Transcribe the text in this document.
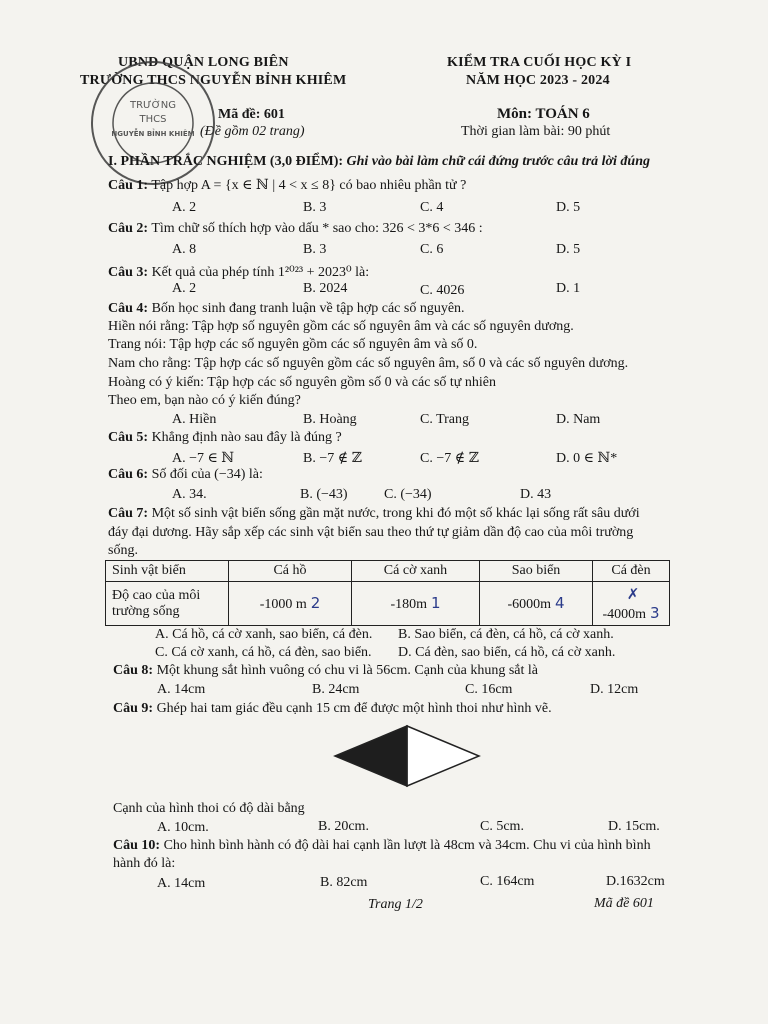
UBND QUẬN LONG BIÊN
TRƯỜNG THCS NGUYỄN BỈNH KHIÊM
KIỂM TRA CUỐI HỌC KỲ I
NĂM HỌC 2023 - 2024
Mã đề: 601
(Đề gồm 02 trang)
Môn: TOÁN 6
Thời gian làm bài: 90 phút
TRƯỜNG
THCS
NGUYỄN BỈNH KHIÊM
I. PHẦN TRẮC NGHIỆM (3,0 ĐIỂM): Ghi vào bài làm chữ cái đứng trước câu trả lời đúng
Câu 1: Tập hợp A = {x ∈ ℕ | 4 < x ≤ 8} có bao nhiêu phần tử ?
A. 2	B. 3	C. 4	D. 5
Câu 2: Tìm chữ số thích hợp vào dấu * sao cho: 326 < 3*6 < 346 :
A. 8	B. 3	C. 6	D. 5
Câu 3: Kết quả của phép tính 1²⁰²³ + 2023⁰ là:
A. 2	B. 2024	C. 4026	D. 1
Câu 4: Bốn học sinh đang tranh luận về tập hợp các số nguyên.
Hiền nói rằng: Tập hợp số nguyên gồm các số nguyên âm và các số nguyên dương.
Trang nói: Tập hợp các số nguyên gồm các số nguyên âm và số 0.
Nam cho rằng: Tập hợp các số nguyên gồm các số nguyên âm, số 0 và các số nguyên dương.
Hoàng có ý kiến: Tập hợp các số nguyên gồm số 0 và các số tự nhiên
Theo em, bạn nào có ý kiến đúng?
A. Hiền	B. Hoàng	C. Trang	D. Nam
Câu 5: Khẳng định nào sau đây là đúng ?
A. −7 ∈ ℕ	B. −7 ∉ ℤ	C. −7 ∉ ℤ	D. 0 ∈ ℕ*
Câu 6: Số đối của (−34) là:
A. 34.	B. (−43)	C. (−34)	D. 43
Câu 7: Một số sinh vật biển sống gần mặt nước, trong khi đó một số khác lại sống rất sâu dưới
đáy đại dương. Hãy sắp xếp các sinh vật biển sau theo thứ tự giảm dần độ cao của môi trường
sống.
Sinh vật biển	Cá hồ	Cá cờ xanh	Sao biển	Cá đèn

Độ cao của môi
trường sống	-1000 m 2	-180m 1	-6000m 4	✗ -4000m 3
A. Cá hồ, cá cờ xanh, sao biển, cá đèn. B. Sao biển, cá đèn, cá hồ, cá cờ xanh.
C. Cá cờ xanh, cá hồ, cá đèn, sao biển. D. Cá đèn, sao biển, cá hồ, cá cờ xanh.
Câu 8: Một khung sắt hình vuông có chu vi là 56cm. Cạnh của khung sắt là
A. 14cm	B. 24cm	C. 16cm	D. 12cm
Câu 9: Ghép hai tam giác đều cạnh 15 cm để được một hình thoi như hình vẽ.
Cạnh của hình thoi có độ dài bằng
A. 10cm.	B. 20cm.	C. 5cm.	D. 15cm.
Câu 10: Cho hình bình hành có độ dài hai cạnh lần lượt là 48cm và 34cm. Chu vi của hình bình
hành đó là:
A. 14cm	B. 82cm	C. 164cm	D.1632cm
Trang 1/2	Mã đề 601
